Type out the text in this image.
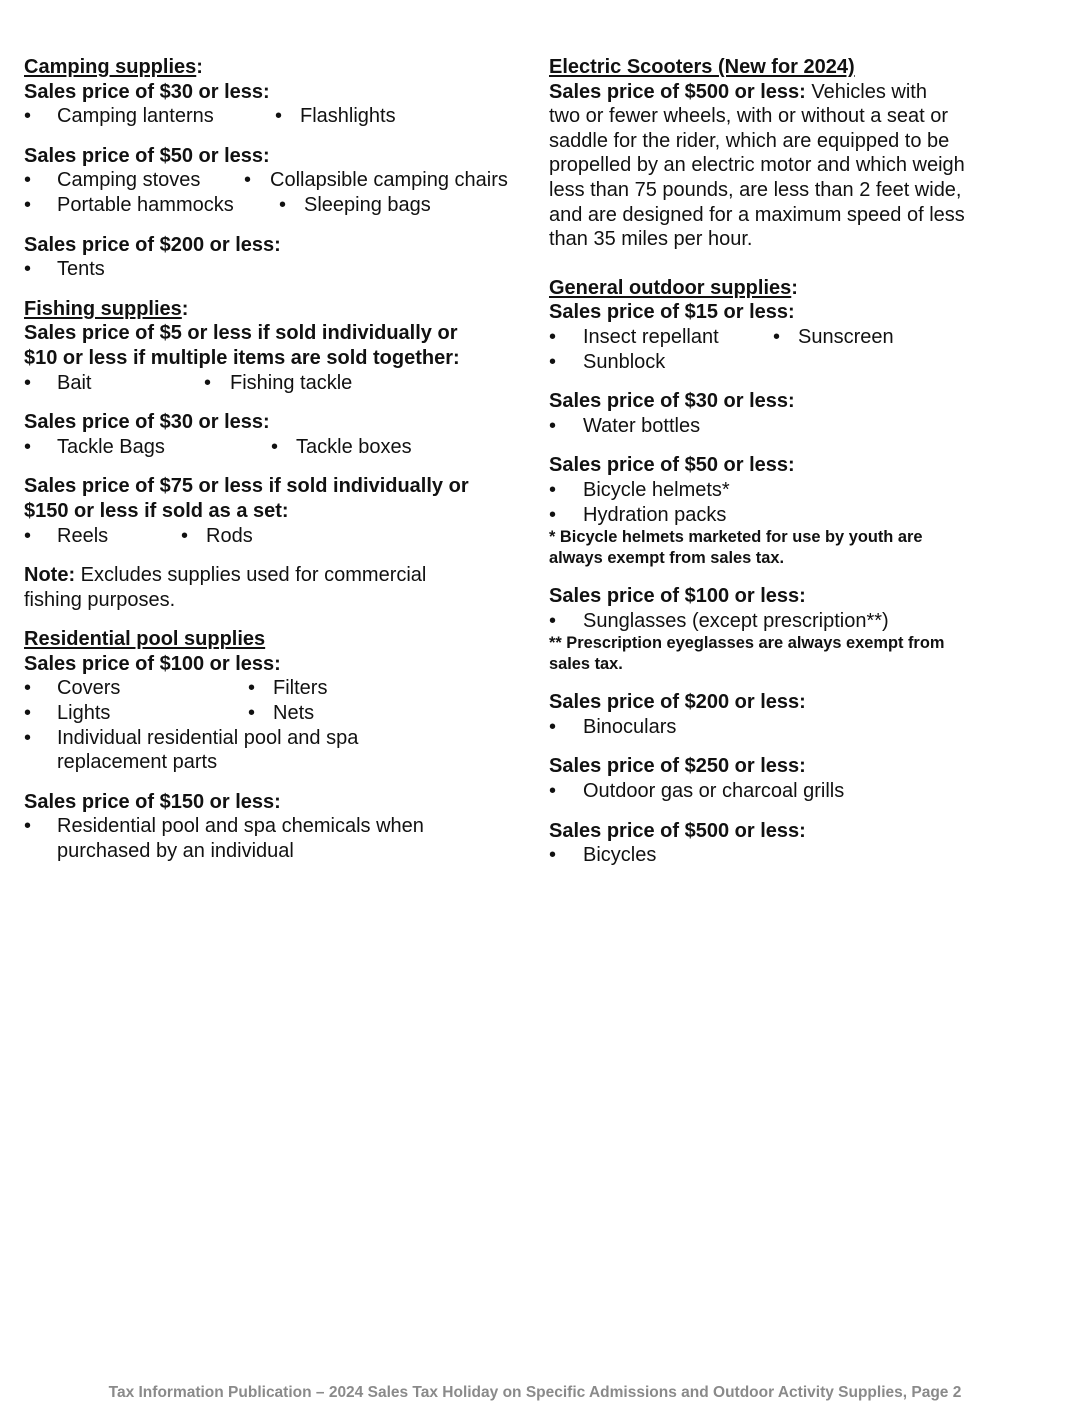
Camping supplies:

Sales price of $30 or less:

• Camping lanterns	• Flashlights

Sales price of $50 or less:

• Camping stoves • Collapsible camping chairs
• Portable hammocks • Sleeping bags

Sales price of $200 or less:

• Tents

Fishing supplies:

Sales price of $5 or less if sold individually or

$10 or less if multiple items are sold together:

• Bait	• Fishing tackle

Sales price of $30 or less:

• Tackle Bags	• Tackle boxes

Sales price of $75 or less if sold individually or

$150 or less if sold as a set:

• Reels	• Rods

Note: Excludes supplies used for commercial

fishing purposes.

Residential pool supplies

Sales price of $100 or less:

• Covers	• Filters
• Lights	• Nets
• Individual residential pool and spa
replacement parts

Sales price of $150 or less:

• Residential pool and spa chemicals when
purchased by an individual

Electric Scooters (New for 2024)

Sales price of $500 or less: Vehicles with

two or fewer wheels, with or without a seat or

saddle for the rider, which are equipped to be

propelled by an electric motor and which weigh

less than 75 pounds, are less than 2 feet wide,

and are designed for a maximum speed of less

than 35 miles per hour.

General outdoor supplies:

Sales price of $15 or less:

• Insect repellant	• Sunscreen
• Sunblock

Sales price of $30 or less:

• Water bottles

Sales price of $50 or less:

• Bicycle helmets*
• Hydration packs

* Bicycle helmets marketed for use by youth are

always exempt from sales tax.

Sales price of $100 or less:

• Sunglasses (except prescription**)

** Prescription eyeglasses are always exempt from

sales tax.

Sales price of $200 or less:

• Binoculars

Sales price of $250 or less:

• Outdoor gas or charcoal grills

Sales price of $500 or less:

• Bicycles
Tax Information Publication – 2024 Sales Tax Holiday on Specific Admissions and Outdoor Activity Supplies, Page 2
